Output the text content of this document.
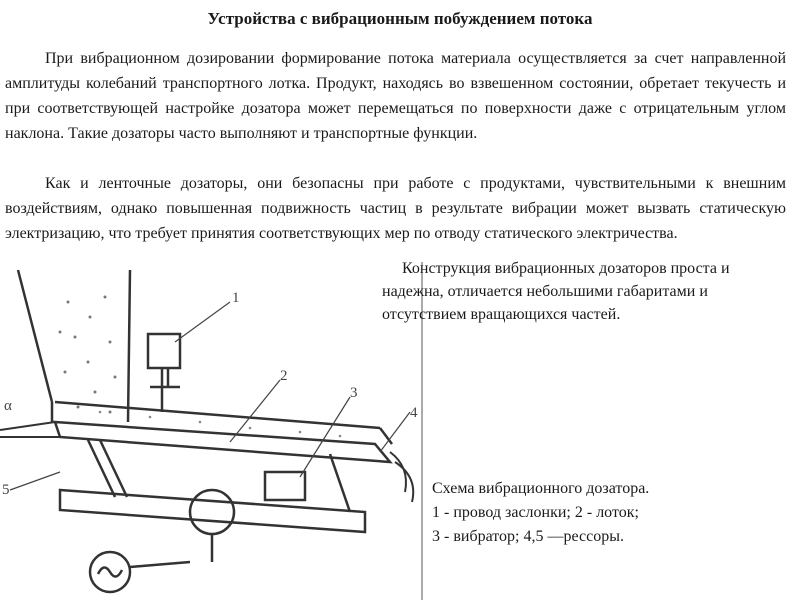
Устройства с вибрационным побуждением потока

При вибрационном дозировании формирование потока материала осуществляется за счет направленной амплитуды колебаний транспортного лотка. Продукт, находясь во взвешенном состоянии, обретает текучесть и при соответствующей настройке дозатора может перемещаться по поверхности даже с отрицательным углом наклона. Такие дозаторы часто выполняют и транспортные функции.

Как и ленточные дозаторы, они безопасны при работе с продуктами, чувствительными к внешним воздействиям, однако повышенная подвижность частиц в результате вибрации может вызвать статическую электризацию, что требует принятия соответствующих мер по отводу статического электричества.

1
2
3
4
5
α

Конструкция вибрационных дозаторов проста и надежна, отличается небольшими габаритами и отсутствием вращающихся частей.

Схема вибрационного дозатора.
1 - провод заслонки; 2 - лоток;
3 - вибратор; 4,5 —рессоры.
